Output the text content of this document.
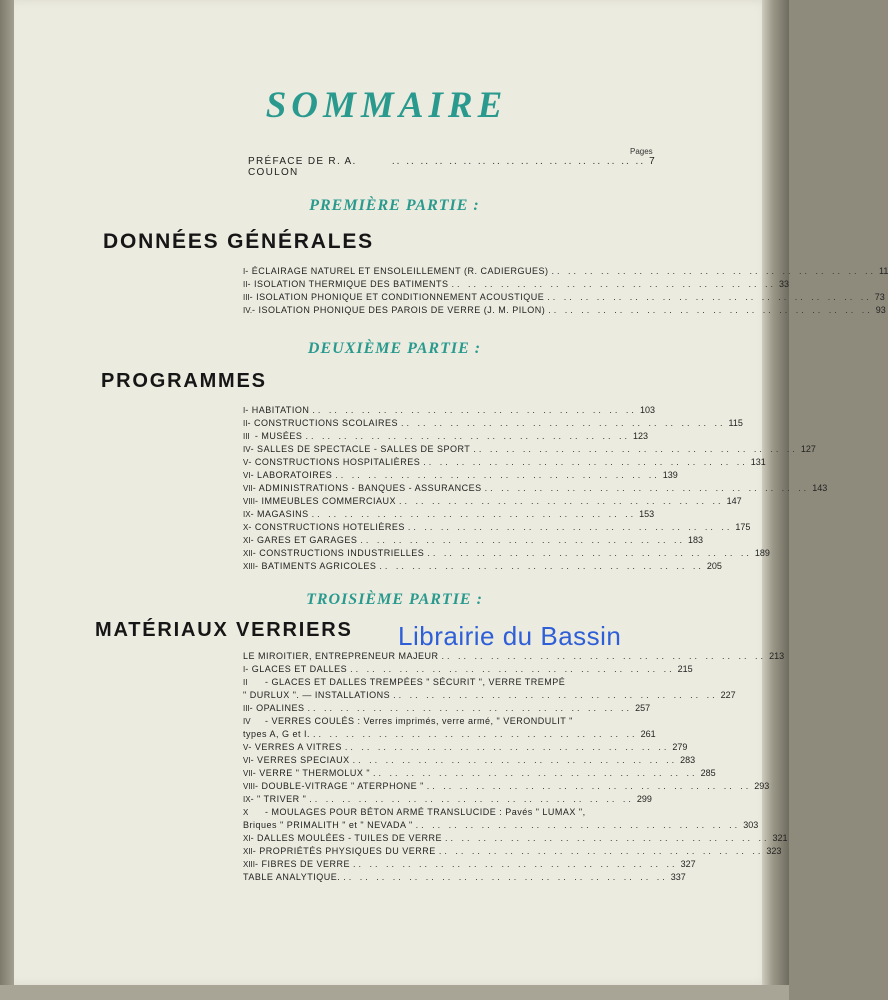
SOMMAIRE
Pages
PRÉFACE DE R. A. COULON
.. .. .. .. .. .. .. .. .. .. .. .. .. .. .. .. .. .. 7
PREMIÈRE PARTIE :
DONNÉES GÉNÉRALES
I - ÉCLAIRAGE NATUREL ET ENSOLEILLEMENT (R. CADIERGUES) .. .. .. .. .. .. .. .. .. .. .. .. .. .. .. .. .. .. .. .. 11
II - ISOLATION THERMIQUE DES BATIMENTS .. .. .. .. .. .. .. .. .. .. .. .. .. .. .. .. .. .. .. .. 33
III - ISOLATION PHONIQUE ET CONDITIONNEMENT ACOUSTIQUE .. .. .. .. .. .. .. .. .. .. .. .. .. .. .. .. .. .. .. .. 73
IV. - ISOLATION PHONIQUE DES PAROIS DE VERRE (J. M. PILON) .. .. .. .. .. .. .. .. .. .. .. .. .. .. .. .. .. .. .. .. 93
DEUXIÈME PARTIE :
PROGRAMMES
I - HABITATION .. .. .. .. .. .. .. .. .. .. .. .. .. .. .. .. .. .. .. .. 103
II - CONSTRUCTIONS SCOLAIRES .. .. .. .. .. .. .. .. .. .. .. .. .. .. .. .. .. .. .. .. 115
III - MUSÉES .. .. .. .. .. .. .. .. .. .. .. .. .. .. .. .. .. .. .. .. 123
IV - SALLES DE SPECTACLE - SALLES DE SPORT .. .. .. .. .. .. .. .. .. .. .. .. .. .. .. .. .. .. .. .. 127
V - CONSTRUCTIONS HOSPITALIÈRES .. .. .. .. .. .. .. .. .. .. .. .. .. .. .. .. .. .. .. .. 131
VI - LABORATOIRES .. .. .. .. .. .. .. .. .. .. .. .. .. .. .. .. .. .. .. .. 139
VII - ADMINISTRATIONS - BANQUES - ASSURANCES .. .. .. .. .. .. .. .. .. .. .. .. .. .. .. .. .. .. .. .. 143
VIII - IMMEUBLES COMMERCIAUX .. .. .. .. .. .. .. .. .. .. .. .. .. .. .. .. .. .. .. .. 147
IX - MAGASINS .. .. .. .. .. .. .. .. .. .. .. .. .. .. .. .. .. .. .. .. 153
X - CONSTRUCTIONS HOTELIÈRES .. .. .. .. .. .. .. .. .. .. .. .. .. .. .. .. .. .. .. .. 175
XI - GARES ET GARAGES .. .. .. .. .. .. .. .. .. .. .. .. .. .. .. .. .. .. .. .. 183
XII - CONSTRUCTIONS INDUSTRIELLES .. .. .. .. .. .. .. .. .. .. .. .. .. .. .. .. .. .. .. .. 189
XIII - BATIMENTS AGRICOLES .. .. .. .. .. .. .. .. .. .. .. .. .. .. .. .. .. .. .. .. 205
TROISIÈME PARTIE :
MATÉRIAUX VERRIERS
LE MIROITIER, ENTREPRENEUR MAJEUR .. .. .. .. .. .. .. .. .. .. .. .. .. .. .. .. .. .. .. .. 213
I - GLACES ET DALLES .. .. .. .. .. .. .. .. .. .. .. .. .. .. .. .. .. .. .. .. 215
II	- GLACES ET DALLES TREMPÉES " SÉCURIT ", VERRE TREMPÉ
" DURLUX ". — INSTALLATIONS .. .. .. .. .. .. .. .. .. .. .. .. .. .. .. .. .. .. .. .. 227
III - OPALINES .. .. .. .. .. .. .. .. .. .. .. .. .. .. .. .. .. .. .. .. 257
IV	- VERRES COULÉS : Verres imprimés, verre armé, " VERONDULIT "
types A, G et I. .. .. .. .. .. .. .. .. .. .. .. .. .. .. .. .. .. .. .. .. 261
V - VERRES A VITRES .. .. .. .. .. .. .. .. .. .. .. .. .. .. .. .. .. .. .. .. 279
VI - VERRES SPECIAUX .. .. .. .. .. .. .. .. .. .. .. .. .. .. .. .. .. .. .. .. 283
VII - VERRE " THERMOLUX " .. .. .. .. .. .. .. .. .. .. .. .. .. .. .. .. .. .. .. .. 285
VIII - DOUBLE-VITRAGE " ATERPHONE " .. .. .. .. .. .. .. .. .. .. .. .. .. .. .. .. .. .. .. .. 293
IX - " TRIVER " .. .. .. .. .. .. .. .. .. .. .. .. .. .. .. .. .. .. .. .. 299
X	- MOULAGES POUR BÉTON ARMÉ TRANSLUCIDE : Pavés " LUMAX ",
Briques " PRIMALITH " et " NEVADA " .. .. .. .. .. .. .. .. .. .. .. .. .. .. .. .. .. .. .. .. 303
XI - DALLES MOULÉES - TUILES DE VERRE .. .. .. .. .. .. .. .. .. .. .. .. .. .. .. .. .. .. .. .. 321
XII - PROPRIÉTÉS PHYSIQUES DU VERRE .. .. .. .. .. .. .. .. .. .. .. .. .. .. .. .. .. .. .. .. 323
XIII - FIBRES DE VERRE .. .. .. .. .. .. .. .. .. .. .. .. .. .. .. .. .. .. .. .. 327
TABLE ANALYTIQUE. .. .. .. .. .. .. .. .. .. .. .. .. .. .. .. .. .. .. .. .. 337
Librairie du Bassin
